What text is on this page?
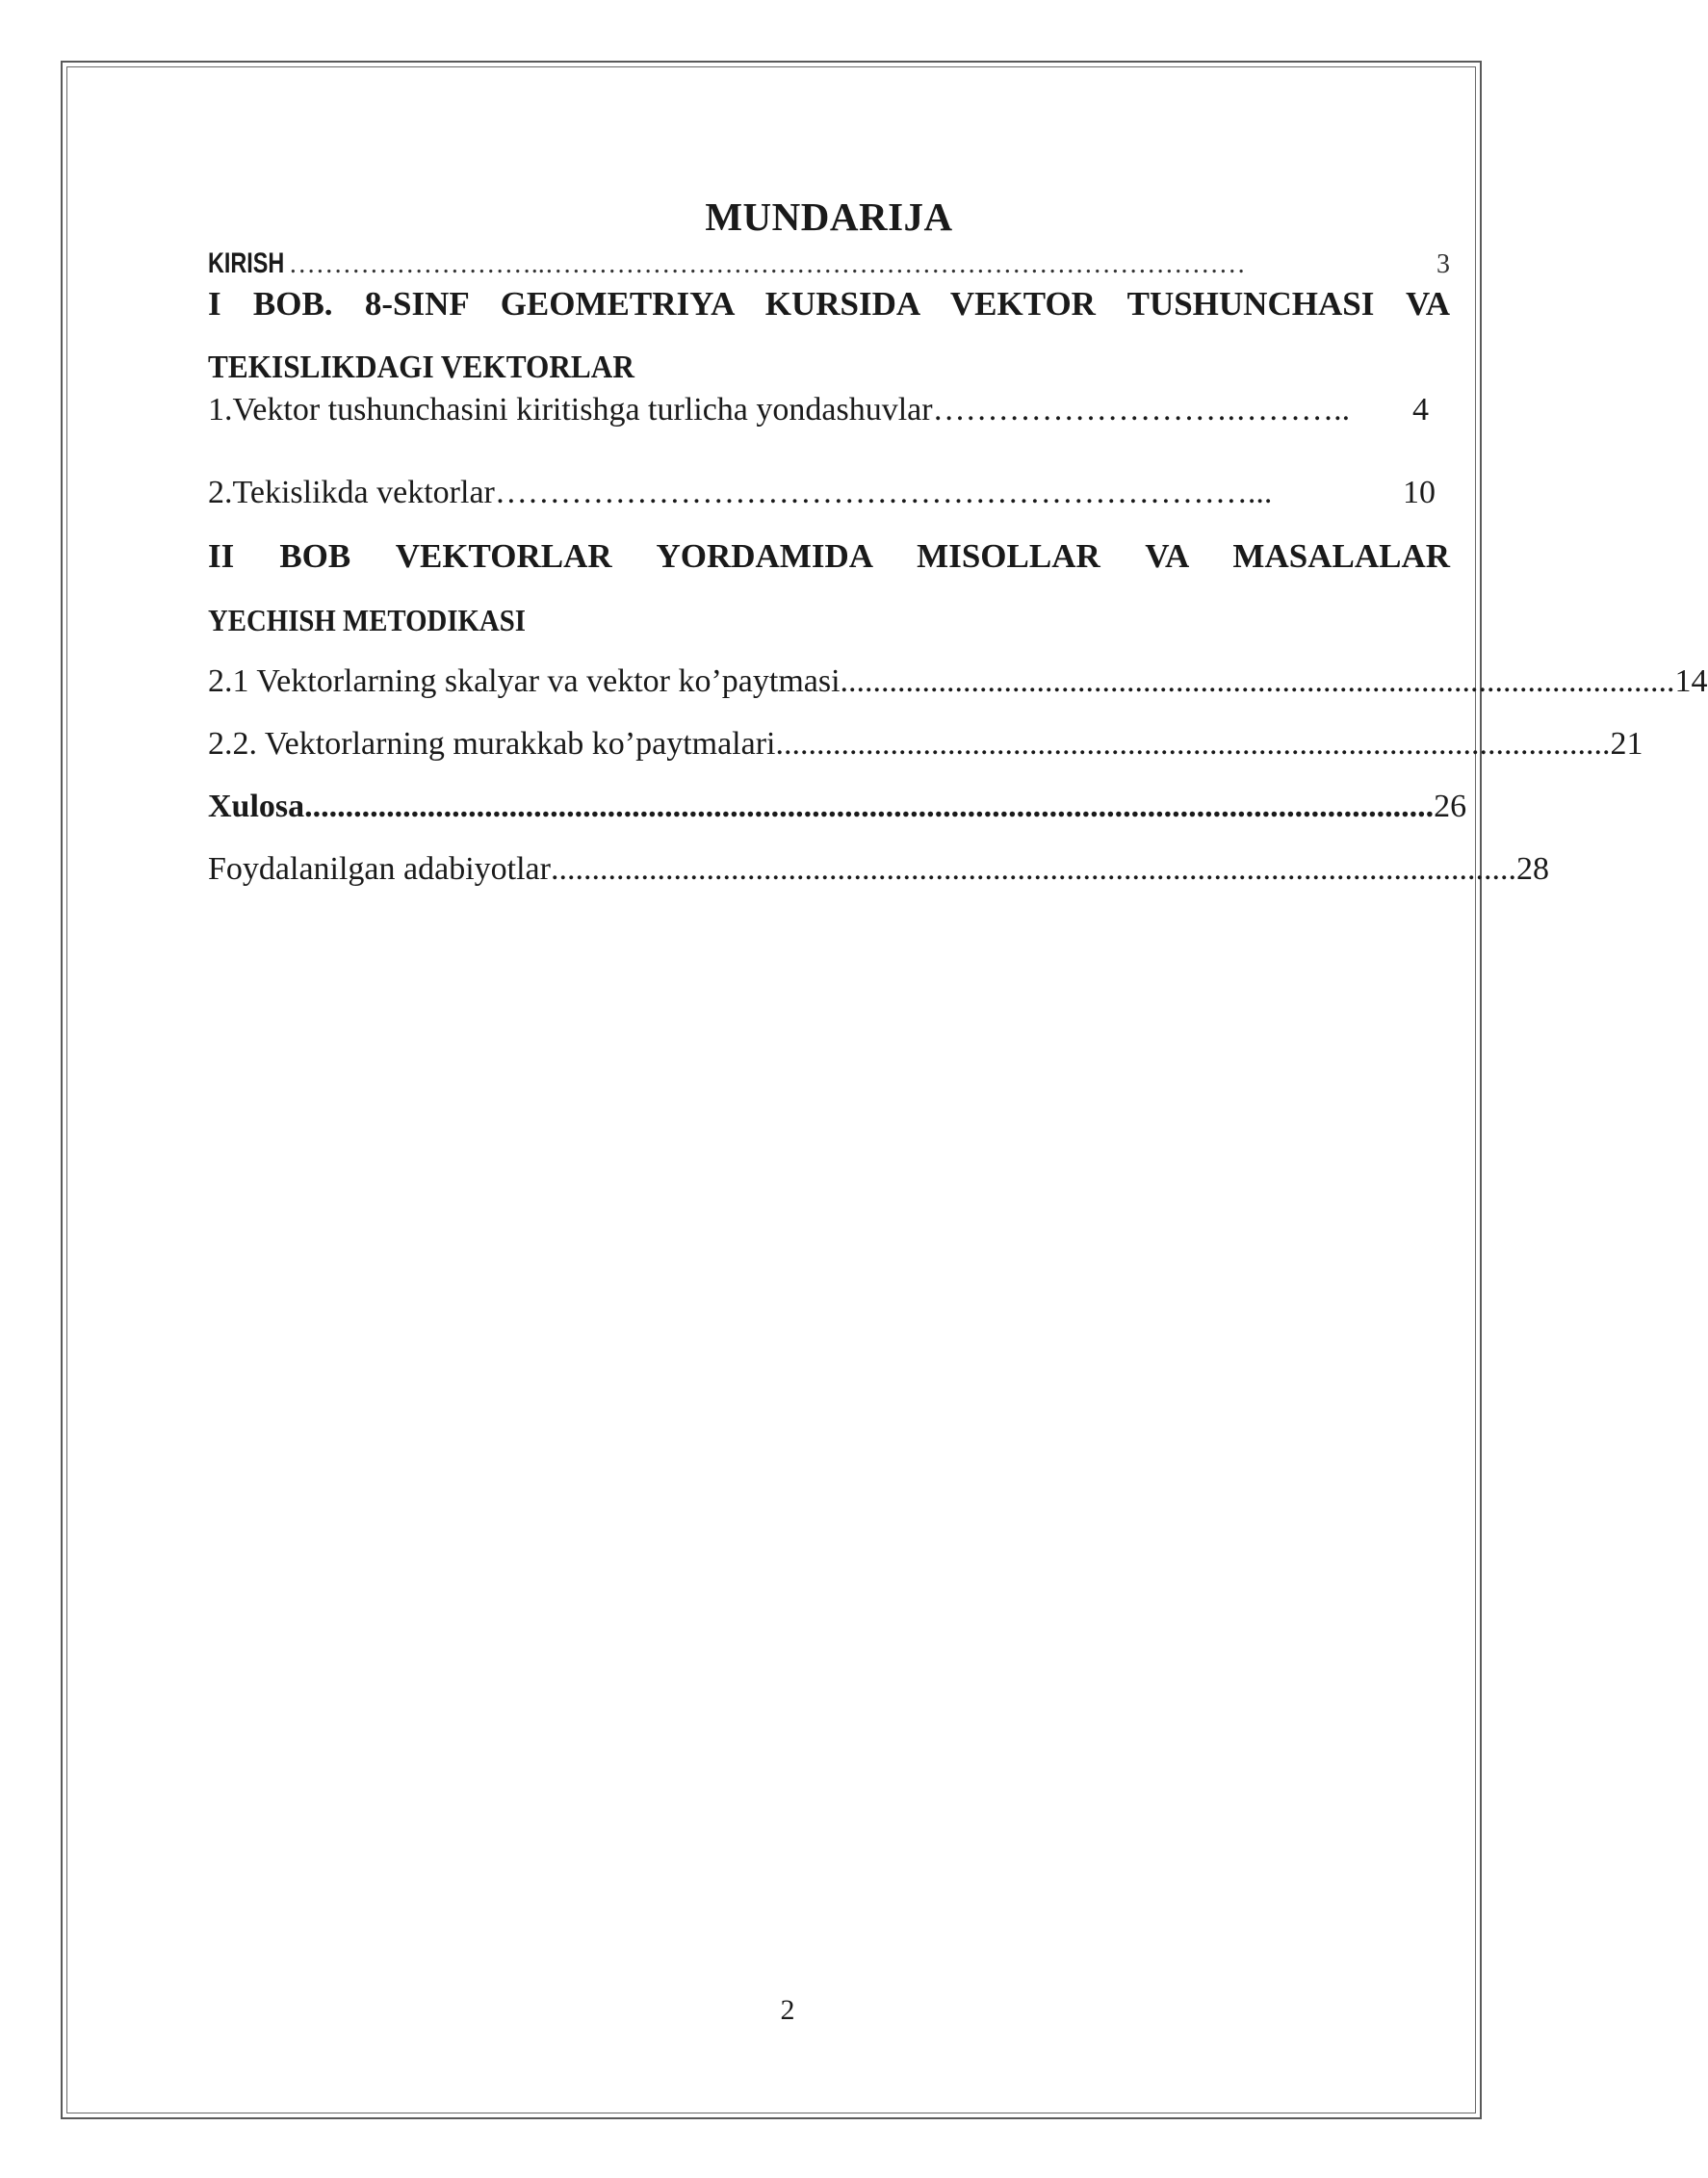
MUNDARIJA
KIRISH ………………………..……………………………………………………………………	3
I BOB. 8-SINF GEOMETRIYA KURSIDA VEKTOR TUSHUNCHASI VA
TEKISLIKDAGI VEKTORLAR
1.Vektor tushunchasini kiritishga turlicha yondashuvlar ……………………….………..	4
2.Tekislikda vektorlar ……………………………………………………………...	10
II BOB VEKTORLAR YORDAMIDA MISOLLAR VA MASALALAR
YECHISH METODIKASI
2.1 Vektorlarning skalyar va vektor ko’paytmasi ...................................................................................................... 14
2.2. Vektorlarning murakkab ko’paytmalari ...................................................................................................... 21
Xulosa .......................................................................................................................................... 26
Foydalanilgan adabiyotlar ...................................................................................................................... 28
2
